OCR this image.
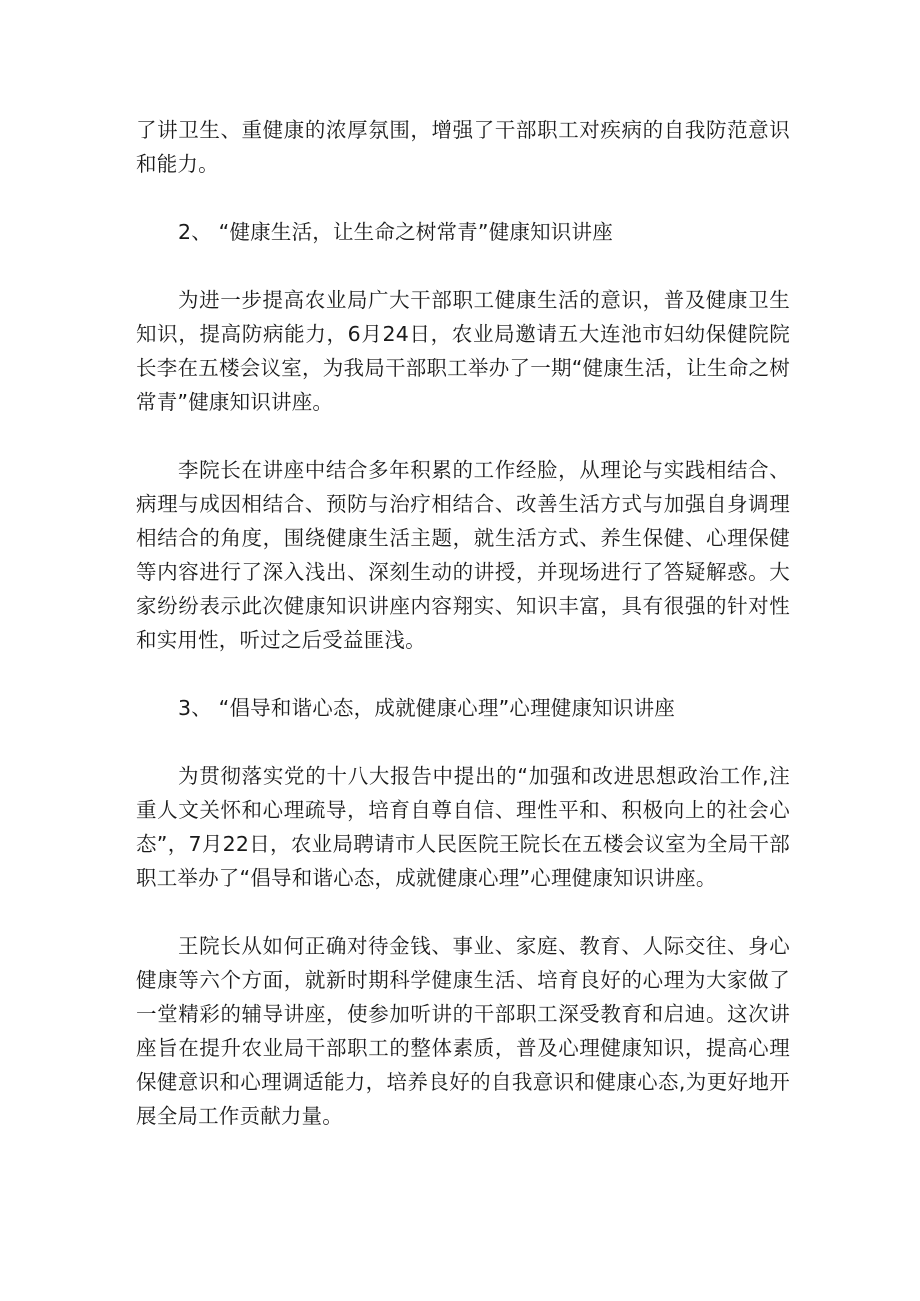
了讲卫生、重健康的浓厚氛围，增强了干部职工对疾病的自我防范意识和能力。

2、 “健康生活，让生命之树常青”健康知识讲座

为进一步提高农业局广大干部职工健康生活的意识，普及健康卫生知识，提高防病能力，6月24日，农业局邀请五大连池市妇幼保健院院长李在五楼会议室，为我局干部职工举办了一期“健康生活，让生命之树常青”健康知识讲座。

李院长在讲座中结合多年积累的工作经脸，从理论与实践相结合、病理与成因相结合、预防与治疗相结合、改善生活方式与加强自身调理相结合的角度，围绕健康生活主题，就生活方式、养生保健、心理保健等内容进行了深入浅出、深刻生动的讲授，并现场进行了答疑解惑。大家纷纷表示此次健康知识讲座内容翔实、知识丰富，具有很强的针对性和实用性，听过之后受益匪浅。

3、 “倡导和谐心态，成就健康心理”心理健康知识讲座

为贯彻落实党的十八大报告中提出的“加强和改进思想政治工作,注重人文关怀和心理疏导，培育自尊自信、理性平和、积极向上的社会心态”，7月22日，农业局聘请市人民医院王院长在五楼会议室为全局干部职工举办了“倡导和谐心态，成就健康心理”心理健康知识讲座。

王院长从如何正确对待金钱、事业、家庭、教育、人际交往、身心健康等六个方面，就新时期科学健康生活、培育良好的心理为大家做了一堂精彩的辅导讲座，使参加听讲的干部职工深受教育和启迪。这次讲座旨在提升农业局干部职工的整体素质，普及心理健康知识，提高心理保健意识和心理调适能力，培养良好的自我意识和健康心态,为更好地开展全局工作贡献力量。
